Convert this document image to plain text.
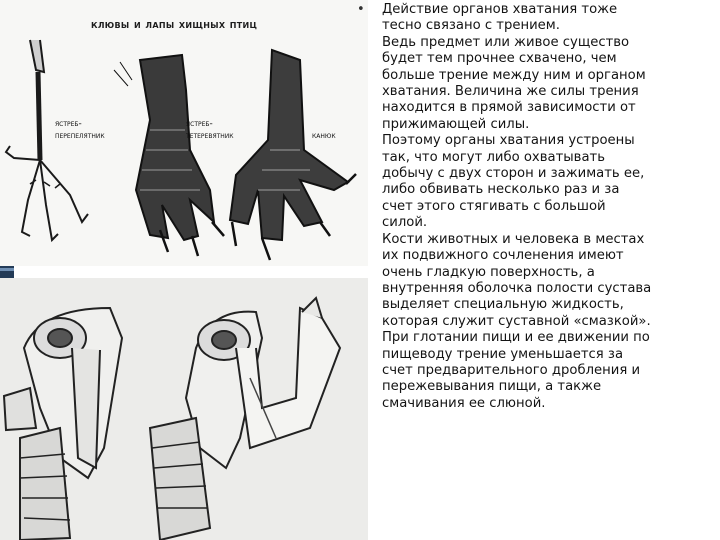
клювы и лапы хищных птиц
ястреб-
перепелятник
ястреб-
тетеревятник	канюк
• Действие органов хватания тоже
тесно связано с трением.
Ведь предмет или живое существо
будет тем прочнее схвачено, чем
больше трение между ним и органом
хватания. Величина же силы трения
находится в прямой зависимости от
прижимающей силы.
Поэтому органы хватания устроены
так, что могут либо охватывать
добычу с двух сторон и зажимать ее,
либо обвивать несколько раз и за
счет этого стягивать с большой
силой.
Кости животных и человека в местах
их подвижного сочленения имеют
очень гладкую поверхность, а
внутренняя оболочка полости сустава
выделяет специальную жидкость,
которая служит суставной «смазкой».
При глотании пищи и ее движении по
пищеводу трение уменьшается за
счет предварительного дробления и
пережевывания пищи, а также
смачивания ее слюной.
